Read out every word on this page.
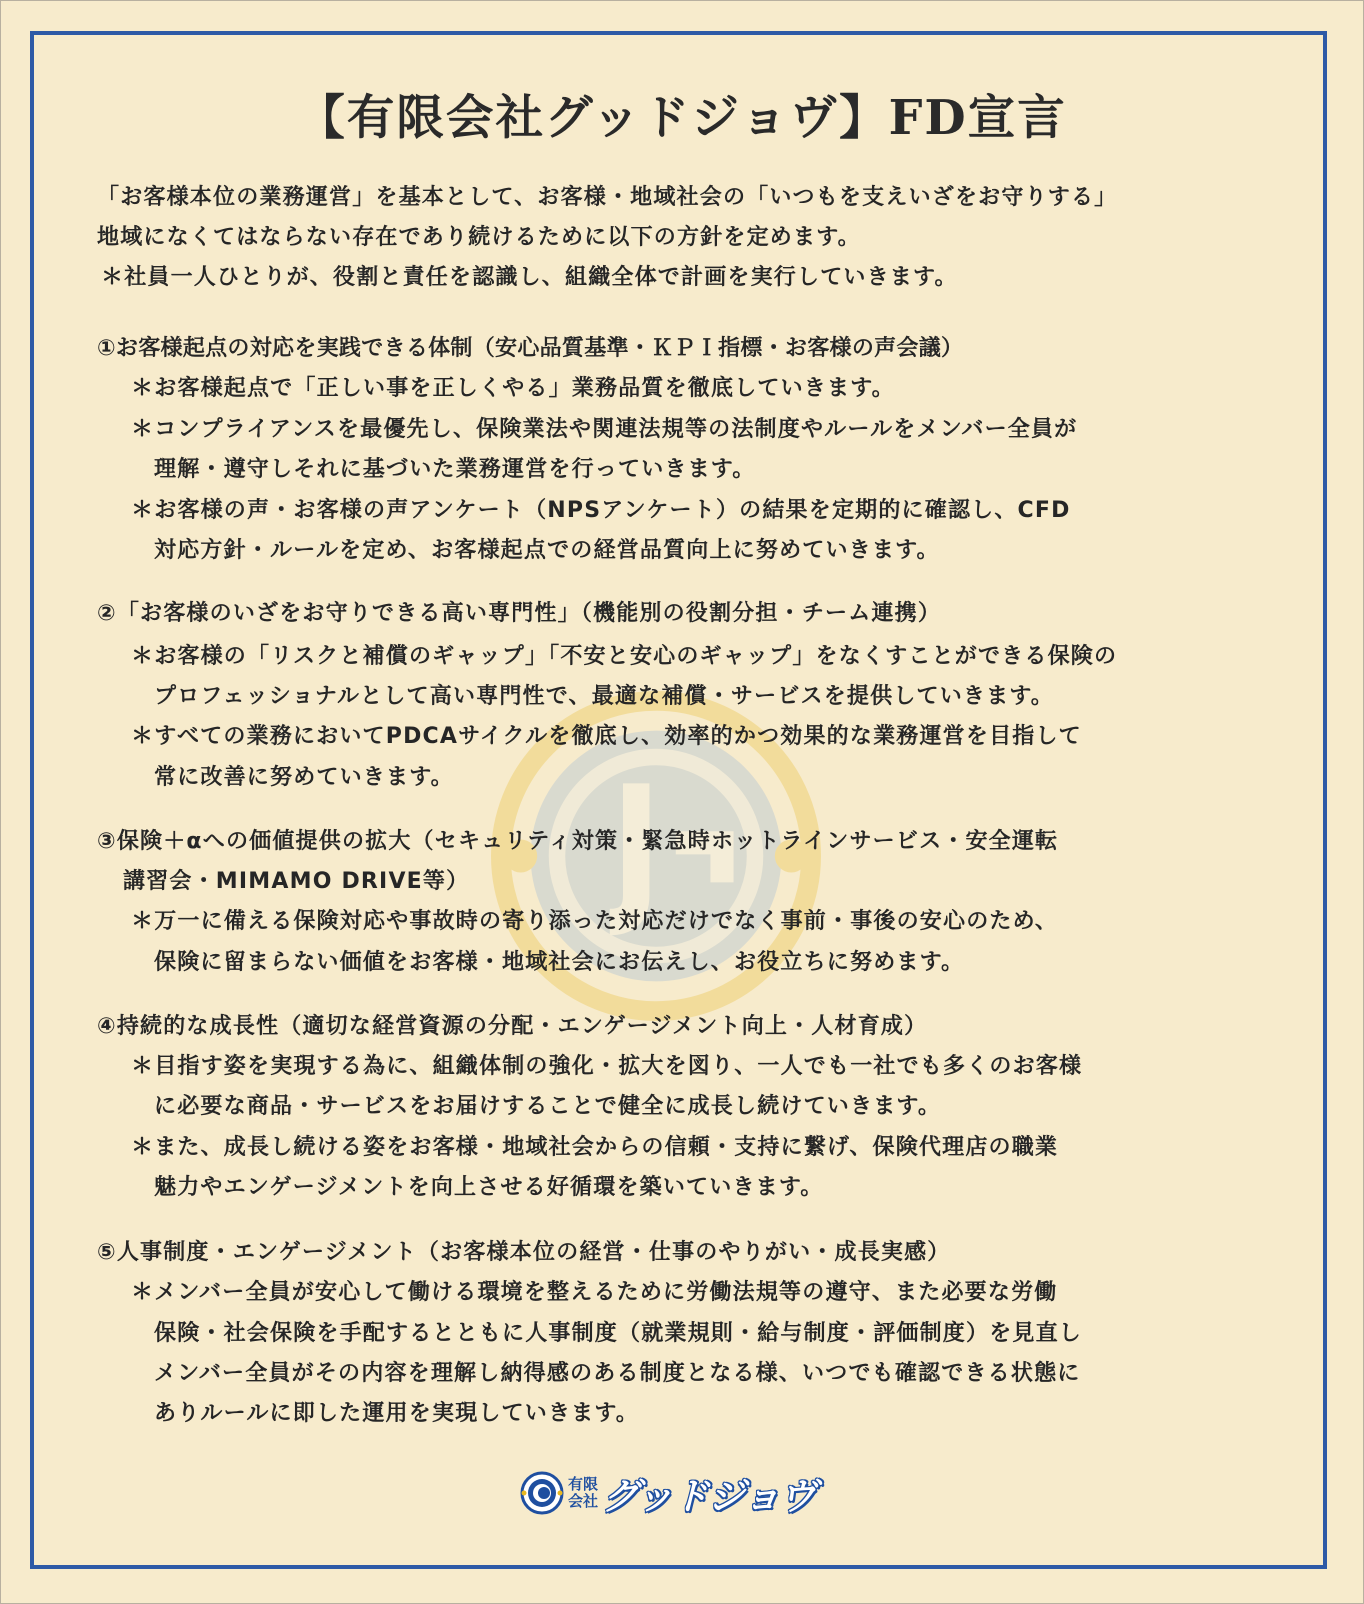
【有限会社グッドジョヴ】FD宣言
「お客様本位の業務運営」を基本として、お客様・地域社会の「いつもを支えいざをお守りする」
地域になくてはならない存在であり続けるために以下の方針を定めます。
＊社員一人ひとりが、役割と責任を認識し、組織全体で計画を実行していきます。
①お客様起点の対応を実践できる体制（安心品質基準・ＫＰＩ指標・お客様の声会議）
＊お客様起点で「正しい事を正しくやる」業務品質を徹底していきます。
＊コンプライアンスを最優先し、保険業法や関連法規等の法制度やルールをメンバー全員が
理解・遵守しそれに基づいた業務運営を行っていきます。
＊お客様の声・お客様の声アンケート（NPSアンケート）の結果を定期的に確認し、CFD
対応方針・ルールを定め、お客様起点での経営品質向上に努めていきます。
②「お客様のいざをお守りできる高い専門性」（機能別の役割分担・チーム連携）
＊お客様の「リスクと補償のギャップ」「不安と安心のギャップ」をなくすことができる保険の
プロフェッショナルとして高い専門性で、最適な補償・サービスを提供していきます。
＊すべての業務においてPDCAサイクルを徹底し、効率的かつ効果的な業務運営を目指して
常に改善に努めていきます。
③保険＋αへの価値提供の拡大（セキュリティ対策・緊急時ホットラインサービス・安全運転
講習会・MIMAMO DRIVE等）
＊万一に備える保険対応や事故時の寄り添った対応だけでなく事前・事後の安心のため、
保険に留まらない価値をお客様・地域社会にお伝えし、お役立ちに努めます。
④持続的な成長性（適切な経営資源の分配・エンゲージメント向上・人材育成）
＊目指す姿を実現する為に、組織体制の強化・拡大を図り、一人でも一社でも多くのお客様
に必要な商品・サービスをお届けすることで健全に成長し続けていきます。
＊また、成長し続ける姿をお客様・地域社会からの信頼・支持に繋げ、保険代理店の職業
魅力やエンゲージメントを向上させる好循環を築いていきます。
⑤人事制度・エンゲージメント（お客様本位の経営・仕事のやりがい・成長実感）
＊メンバー全員が安心して働ける環境を整えるために労働法規等の遵守、また必要な労働
保険・社会保険を手配するとともに人事制度（就業規則・給与制度・評価制度）を見直し
メンバー全員がその内容を理解し納得感のある制度となる様、いつでも確認できる状態に
ありルールに即した運用を実現していきます。
有限
会社 グッドジョヴ
